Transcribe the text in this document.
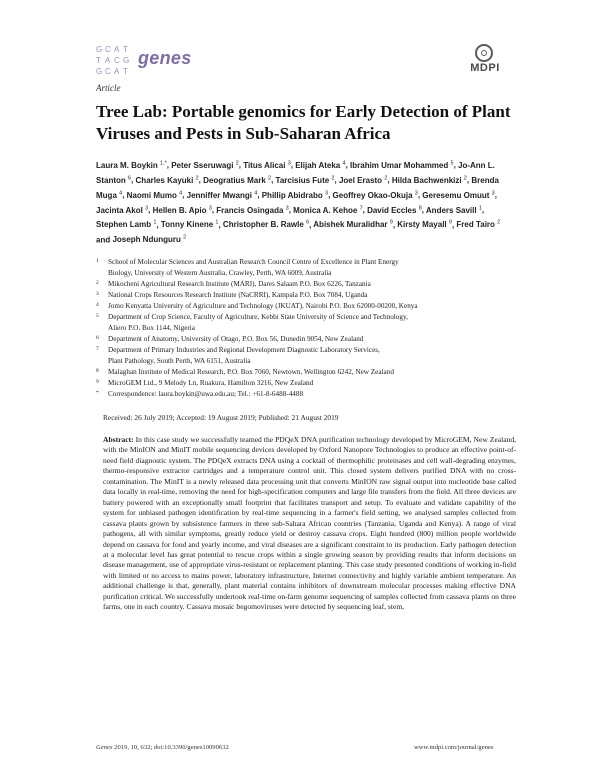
G C A T
T A C G
G C A T
genes	MDPI
Article
Tree Lab: Portable genomics for Early Detection of Plant Viruses and Pests in Sub-Saharan Africa
Laura M. Boykin $^{1,*}$, Peter Sseruwagi $^2$, Titus Alicai $^3$, Elijah Ateka $^4$, Ibrahim Umar Mohammed $^5$, Jo-Ann L. Stanton $^6$, Charles Kayuki $^2$, Deogratius Mark $^2$, Tarcisius Fute $^2$, Joel Erasto $^2$, Hilda Bachwenkizi $^2$, Brenda Muga $^4$, Naomi Mumo $^4$, Jenniffer Mwangi $^4$, Phillip Abidrabo $^3$, Geoffrey Okao-Okuja $^3$, Geresemu Omuut $^3$, Jacinta Akol $^3$, Hellen B. Apio $^3$, Francis Osingada $^3$, Monica A. Kehoe $^7$, David Eccles $^8$, Anders Savill $^1$, Stephen Lamb $^1$, Tonny Kinene $^1$, Christopher B. Rawle $^6$, Abishek Muralidhar $^9$, Kirsty Mayall $^9$, Fred Tairo $^2$ and Joseph Ndunguru $^2$
1 School of Molecular Sciences and Australian Research Council Centre of Excellence in Plant Energy
Biology, University of Western Australia, Crawley, Perth, WA 6009, Australia
2 Mikocheni Agricultural Research Institute (MARI), Dares Salaam P.O. Box 6226, Tanzania
3 National Crops Resources Research Institute (NaCRRI), Kampala P.O. Box 7084, Uganda
4 Jomo Kenyatta University of Agriculture and Technology (JKUAT), Nairobi P.O. Box 62000-00200, Kenya
5 Department of Crop Science, Faculty of Agriculture, Kebbi State University of Science and Technology,
Aliero P.O. Box 1144, Nigeria
6 Department of Anatomy, University of Otago, P.O. Box 56, Dunedin 9054, New Zealand
7 Department of Primary Industries and Regional Development Diagnostic Laboratory Services,
Plant Pathology, South Perth, WA 6151, Australia
8 Malaghan Institute of Medical Research, P.O. Box 7060, Newtown, Wellington 6242, New Zealand
9 MicroGEM Ltd., 9 Melody Ln, Ruakura, Hamilton 3216, New Zealand
* Correspondence: laura.boykin@uwa.edu.au; Tel.: +61-8-6488-4488
Received: 26 July 2019; Accepted: 19 August 2019; Published: 21 August 2019
Abstract: In this case study we successfully teamed the PDQeX DNA purification technology developed by MicroGEM, New Zealand, with the MinION and MinIT mobile sequencing devices developed by Oxford Nanopore Technologies to produce an effective point-of-need field diagnostic system. The PDQeX extracts DNA using a cocktail of thermophilic proteinases and cell wall-degrading enzymes, thermo-responsive extractor cartridges and a temperature control unit. This closed system delivers purified DNA with no cross-contamination. The MinIT is a newly released data processing unit that converts MinION raw signal output into nucleotide base called data locally in real-time, removing the need for high-specification computers and large file transfers from the field. All three devices are battery powered with an exceptionally small footprint that facilitates transport and setup. To evaluate and validate capability of the system for unbiased pathogen identification by real-time sequencing in a farmer's field setting, we analysed samples collected from cassava plants grown by subsistence farmers in three sub-Sahara African countries (Tanzania, Uganda and Kenya). A range of viral pathogens, all with similar symptoms, greatly reduce yield or destroy cassava crops. Eight hundred (800) million people worldwide depend on cassava for food and yearly income, and viral diseases are a significant constraint to its production. Early pathogen detection at a molecular level has great potential to rescue crops within a single growing season by providing results that inform decisions on disease management, use of appropriate virus-resistant or replacement planting. This case study presented conditions of working in-field with limited or no access to mains power, laboratory infrastructure, Internet connectivity and highly variable ambient temperature. An additional challenge is that, generally, plant material contains inhibitors of downstream molecular processes making effective DNA purification critical. We successfully undertook real-time on-farm genome sequencing of samples collected from cassava plants on three farms, one in each country. Cassava mosaic begomoviruses were detected by sequencing leaf, stem,
Genes 2019, 10, 632; doi:10.3390/genes10090632	www.mdpi.com/journal/genes
